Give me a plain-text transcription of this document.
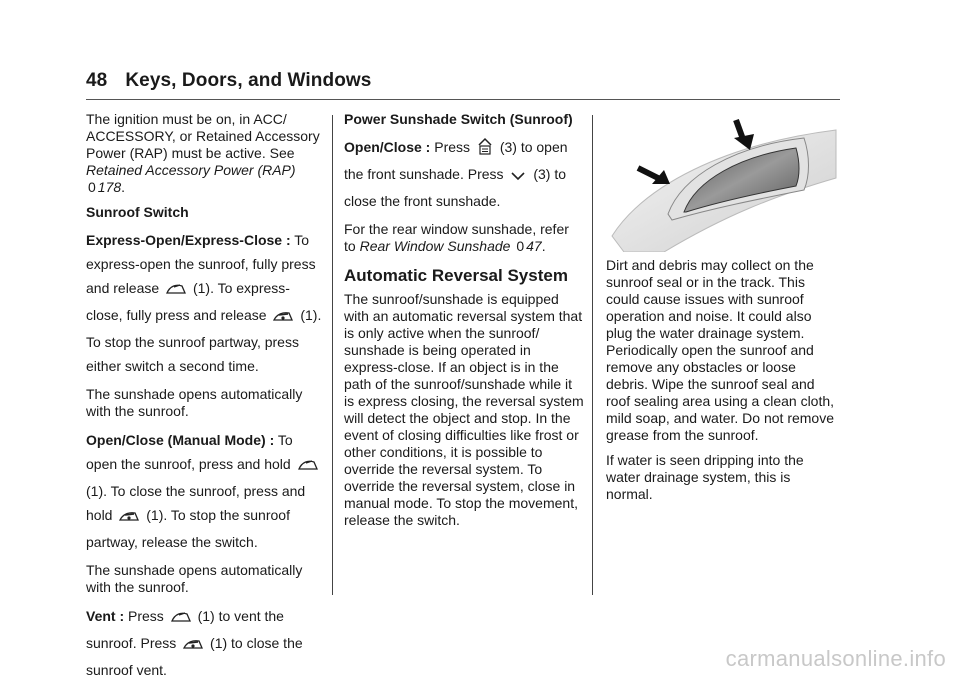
48 Keys, Doors, and Windows

The ignition must be on, in ACC/ ACCESSORY, or Retained Accessory Power (RAP) must be active. See Retained Accessory Power (RAP) 0 178.

Sunroof Switch

Express-Open/Express-Close : To express-open the sunroof, fully press and release  (1). To express-close, fully press and release  (1). To stop the sunroof partway, press either switch a second time.

The sunshade opens automatically with the sunroof.

Open/Close (Manual Mode) : To open the sunroof, press and hold  (1). To close the sunroof, press and hold  (1). To stop the sunroof partway, release the switch.

The sunshade opens automatically with the sunroof.

Vent : Press  (1) to vent the sunroof. Press  (1) to close the sunroof vent.

Power Sunshade Switch (Sunroof)

Open/Close : Press  (3) to open the front sunshade. Press  (3) to close the front sunshade.

For the rear window sunshade, refer to Rear Window Sunshade 0 47.

Automatic Reversal System

The sunroof/sunshade is equipped with an automatic reversal system that is only active when the sunroof/ sunshade is being operated in express-close. If an object is in the path of the sunroof/sunshade while it is express closing, the reversal system will detect the object and stop. In the event of closing difficulties like frost or other conditions, it is possible to override the reversal system. To override the reversal system, close in manual mode. To stop the movement, release the switch.

Dirt and debris may collect on the sunroof seal or in the track. This could cause issues with sunroof operation and noise. It could also plug the water drainage system. Periodically open the sunroof and remove any obstacles or loose debris. Wipe the sunroof seal and roof sealing area using a clean cloth, mild soap, and water. Do not remove grease from the sunroof.

If water is seen dripping into the water drainage system, this is normal.

carmanualsonline.info
